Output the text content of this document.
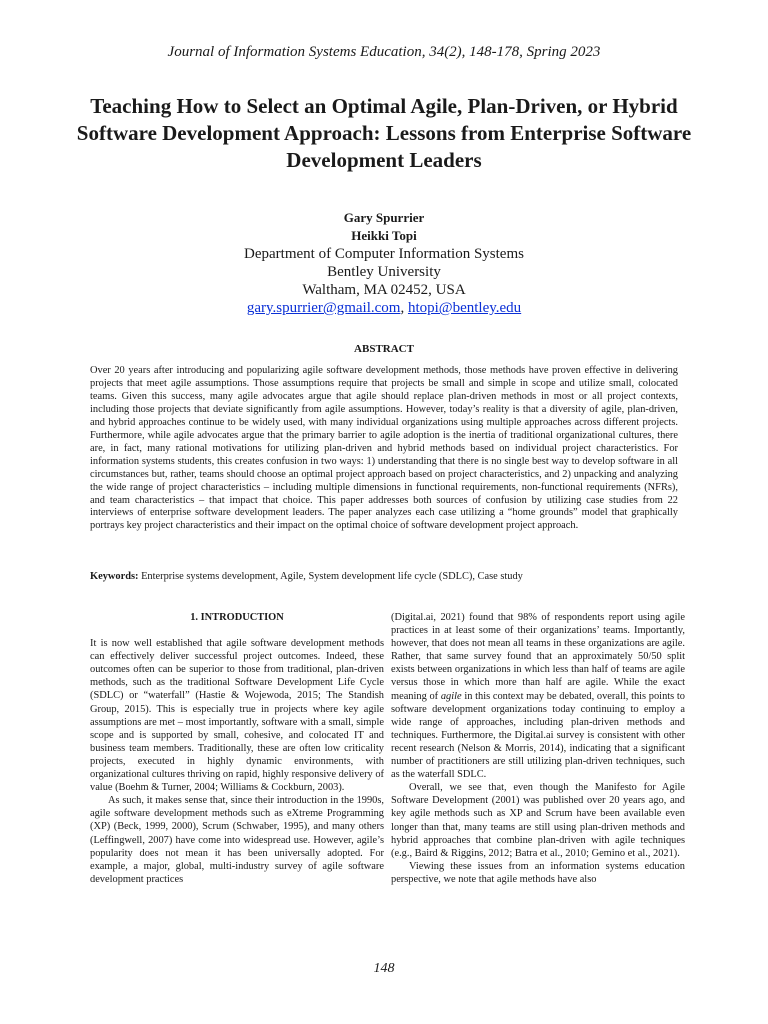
Journal of Information Systems Education, 34(2), 148-178, Spring 2023
Teaching How to Select an Optimal Agile, Plan-Driven, or Hybrid Software Development Approach: Lessons from Enterprise Software Development Leaders
Gary Spurrier
Heikki Topi
Department of Computer Information Systems
Bentley University
Waltham, MA 02452, USA
gary.spurrier@gmail.com, htopi@bentley.edu
ABSTRACT

Over 20 years after introducing and popularizing agile software development methods, those methods have proven effective in delivering projects that meet agile assumptions. Those assumptions require that projects be small and simple in scope and utilize small, colocated teams. Given this success, many agile advocates argue that agile should replace plan-driven methods in most or all project contexts, including those projects that deviate significantly from agile assumptions. However, today’s reality is that a diversity of agile, plan-driven, and hybrid approaches continue to be widely used, with many individual organizations using multiple approaches across different projects. Furthermore, while agile advocates argue that the primary barrier to agile adoption is the inertia of traditional organizational cultures, there are, in fact, many rational motivations for utilizing plan-driven and hybrid methods based on individual project characteristics. For information systems students, this creates confusion in two ways: 1) understanding that there is no single best way to develop software in all circumstances but, rather, teams should choose an optimal project approach based on project characteristics, and 2) unpacking and analyzing the wide range of project characteristics – including multiple dimensions in functional requirements, non-functional requirements (NFRs), and team characteristics – that impact that choice. This paper addresses both sources of confusion by utilizing case studies from 22 interviews of enterprise software development leaders. The paper analyzes each case utilizing a “home grounds” model that graphically portrays key project characteristics and their impact on the optimal choice of software development project approach.

Keywords: Enterprise systems development, Agile, System development life cycle (SDLC), Case study

1. INTRODUCTION

It is now well established that agile software development methods can effectively deliver successful project outcomes. Indeed, these outcomes often can be superior to those from traditional, plan-driven methods, such as the traditional Software Development Life Cycle (SDLC) or “waterfall” (Hastie & Wojewoda, 2015; The Standish Group, 2015). This is especially true in projects where key agile assumptions are met – most importantly, software with a small, simple scope and is supported by small, cohesive, and colocated IT and business team members. Traditionally, these are often low criticality projects, executed in highly dynamic environments, with organizational cultures thriving on rapid, highly responsive delivery of value (Boehm & Turner, 2004; Williams & Cockburn, 2003).

As such, it makes sense that, since their introduction in the 1990s, agile software development methods such as eXtreme Programming (XP) (Beck, 1999, 2000), Scrum (Schwaber, 1995), and many others (Leffingwell, 2007) have come into widespread use. However, agile’s popularity does not mean it has been universally adopted. For example, a major, global, multi-industry survey of agile software development practices

(Digital.ai, 2021) found that 98% of respondents report using agile practices in at least some of their organizations’ teams. Importantly, however, that does not mean all teams in these organizations are agile. Rather, that same survey found that an approximately 50/50 split exists between organizations in which less than half of teams are agile versus those in which more than half are agile. While the exact meaning of agile in this context may be debated, overall, this points to software development organizations today continuing to employ a wide range of approaches, including plan-driven methods and techniques. Furthermore, the Digital.ai survey is consistent with other recent research (Nelson & Morris, 2014), indicating that a significant number of practitioners are still utilizing plan-driven techniques, such as the waterfall SDLC.

Overall, we see that, even though the Manifesto for Agile Software Development (2001) was published over 20 years ago, and key agile methods such as XP and Scrum have been available even longer than that, many teams are still using plan-driven methods and hybrid approaches that combine plan-driven with agile techniques (e.g., Baird & Riggins, 2012; Batra et al., 2010; Gemino et al., 2021).

Viewing these issues from an information systems education perspective, we note that agile methods have also

148
